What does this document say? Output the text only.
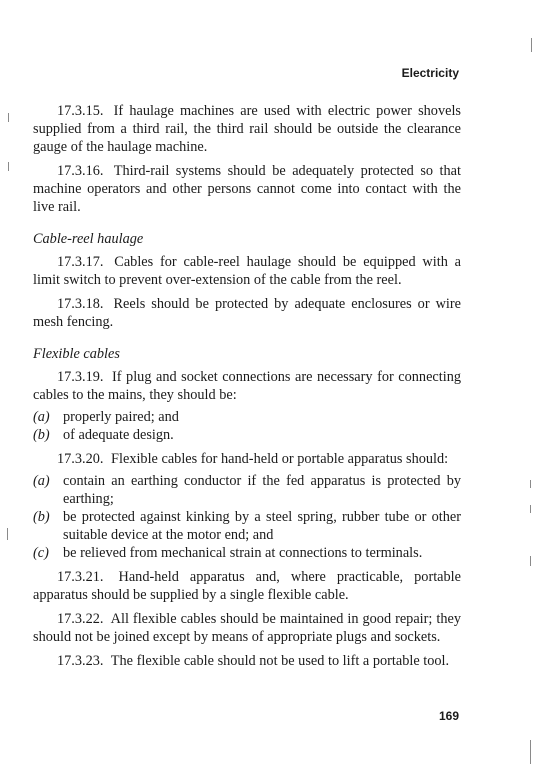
Electricity

17.3.15. If haulage machines are used with electric power shovels supplied from a third rail, the third rail should be outside the clearance gauge of the haulage machine.

17.3.16. Third-rail systems should be adequately protected so that machine operators and other persons cannot come into contact with the live rail.

Cable-reel haulage

17.3.17. Cables for cable-reel haulage should be equipped with a limit switch to prevent over-extension of the cable from the reel.

17.3.18. Reels should be protected by adequate enclosures or wire mesh fencing.

Flexible cables

17.3.19. If plug and socket connections are necessary for connecting cables to the mains, they should be:

(a) properly paired; and
(b) of adequate design.

17.3.20. Flexible cables for hand-held or portable apparatus should:

(a) contain an earthing conductor if the fed apparatus is protected by earthing;
(b) be protected against kinking by a steel spring, rubber tube or other suitable device at the motor end; and
(c) be relieved from mechanical strain at connections to terminals.

17.3.21. Hand-held apparatus and, where practicable, portable apparatus should be supplied by a single flexible cable.

17.3.22. All flexible cables should be maintained in good repair; they should not be joined except by means of appropriate plugs and sockets.

17.3.23. The flexible cable should not be used to lift a portable tool.

169
